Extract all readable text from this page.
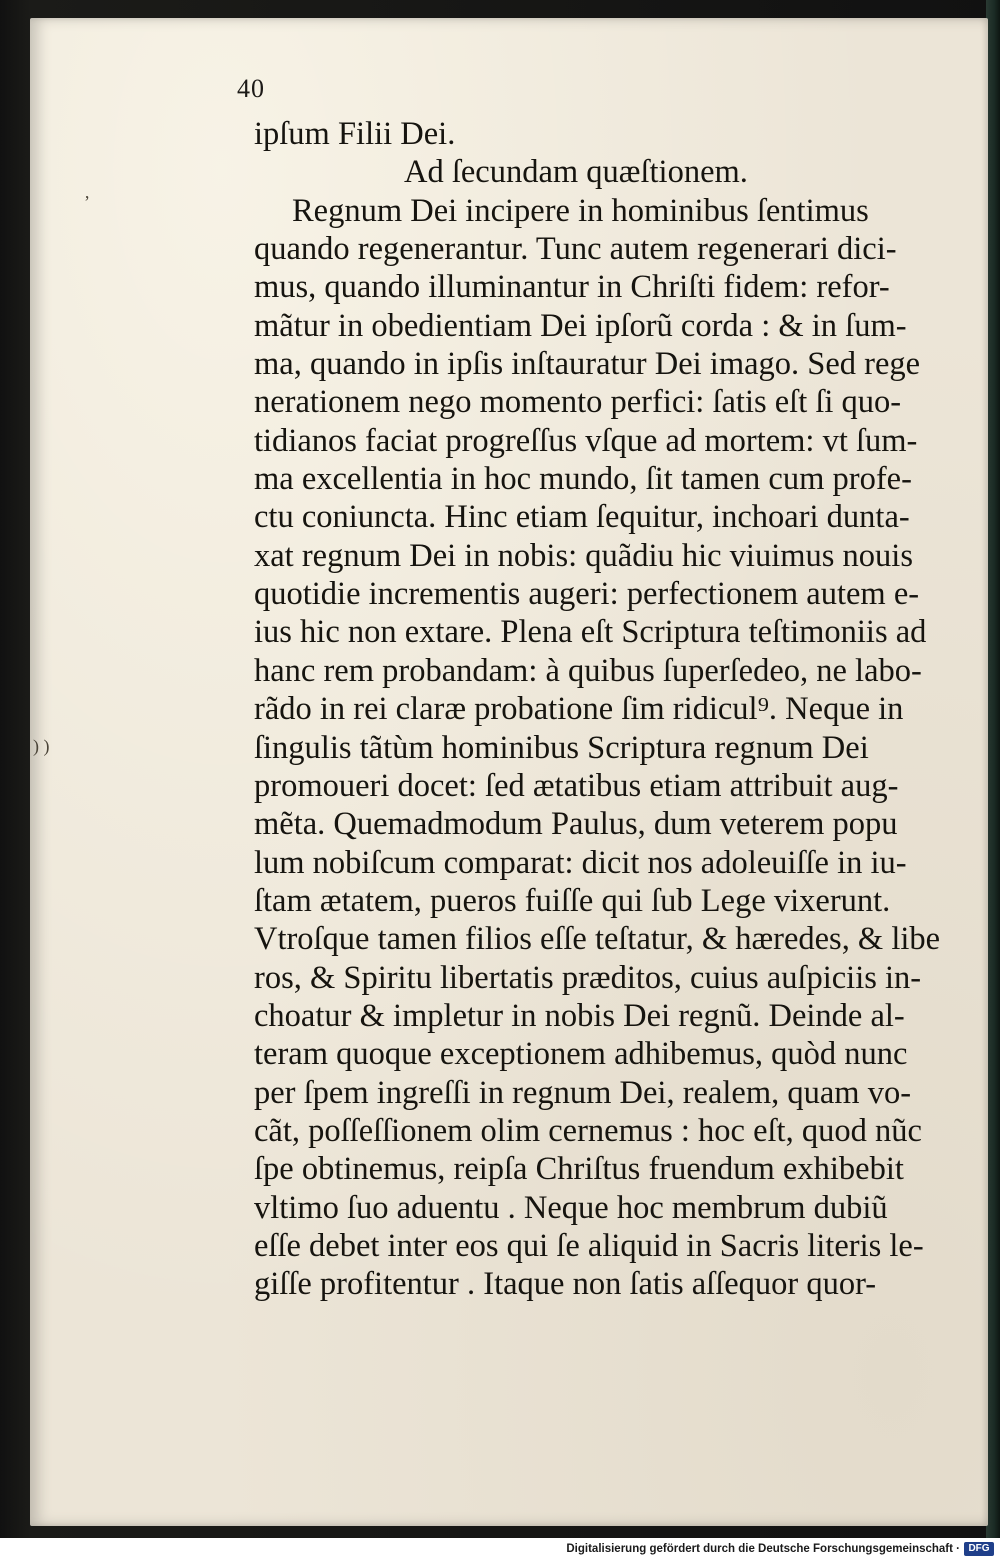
40
ʼ
) )
ipſum Filii Dei.
Ad ſecundam quæſtionem.
Regnum Dei incipere in hominibus ſentimus
quando regenerantur. Tunc autem regenerari dici-
mus, quando illuminantur in Chriſti fidem: refor-
mãtur in obedientiam Dei ipſorũ corda : & in ſum-
ma, quando in ipſis inſtauratur Dei imago. Sed rege
nerationem nego momento perfici: ſatis eſt ſi quo-
tidianos faciat progreſſus vſque ad mortem: vt ſum-
ma excellentia in hoc mundo, ſit tamen cum profe-
ctu coniuncta. Hinc etiam ſequitur, inchoari dunta-
xat regnum Dei in nobis: quãdiu hic viuimus nouis
quotidie incrementis augeri: perfectionem autem e-
ius hic non extare. Plena eſt Scriptura teſtimoniis ad
hanc rem probandam: à quibus ſuperſedeo, ne labo-
rãdo in rei claræ probatione ſim ridicul⁹. Neque in
ſingulis tãtùm hominibus Scriptura regnum Dei
promoueri docet: ſed ætatibus etiam attribuit aug-
mẽta. Quemadmodum Paulus, dum veterem popu
lum nobiſcum comparat: dicit nos adoleuiſſe in iu-
ſtam ætatem, pueros fuiſſe qui ſub Lege vixerunt.
Vtroſque tamen filios eſſe teſtatur, & hæredes, & libe
ros, & Spiritu libertatis præditos, cuius auſpiciis in-
choatur & impletur in nobis Dei regnũ. Deinde al-
teram quoque exceptionem adhibemus, quòd nunc
per ſpem ingreſſi in regnum Dei, realem, quam vo-
cãt, poſſeſſionem olim cernemus : hoc eſt, quod nũc
ſpe obtinemus, reipſa Chriſtus fruendum exhibebit
vltimo ſuo aduentu . Neque hoc membrum dubiũ
eſſe debet inter eos qui ſe aliquid in Sacris literis le-
giſſe profitentur . Itaque non ſatis aſſequor quor-
Digitalisierung gefördert durch die Deutsche Forschungsgemeinschaft · DFG
